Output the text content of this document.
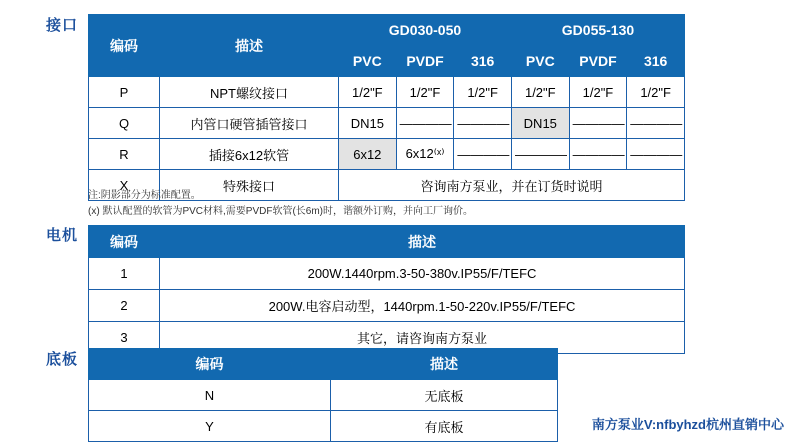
接口
编码	描述	GD030-050			GD055-130		
		PVC	PVDF	316	PVC	PVDF	316
P	NPT螺纹接口	1/2"F	1/2"F	1/2"F	1/2"F	1/2"F	1/2"F
Q	内管口硬管插管接口	DN15	————	————	DN15	————	————
R	插接6x12软管	6x12	6x12⁽ˣ⁾	————	————	————	————
X	特殊接口	咨询南方泵业，并在订货时说明					
注:阴影部分为标准配置。
(x) 默认配置的软管为PVC材料,需要PVDF软管(长6m)时，谐额外订购，并向工厂询价。
电机 编码	描述
1	200W.1440rpm.3-50-380v.IP55/F/TEFC
2	200W.电容启动型，1440rpm.1-50-220v.IP55/F/TEFC
3	其它，请咨询南方泵业
底板	编码	描述
N	无底板
Y	有底板	南方泵业V:nfbyhzd杭州直销中心
